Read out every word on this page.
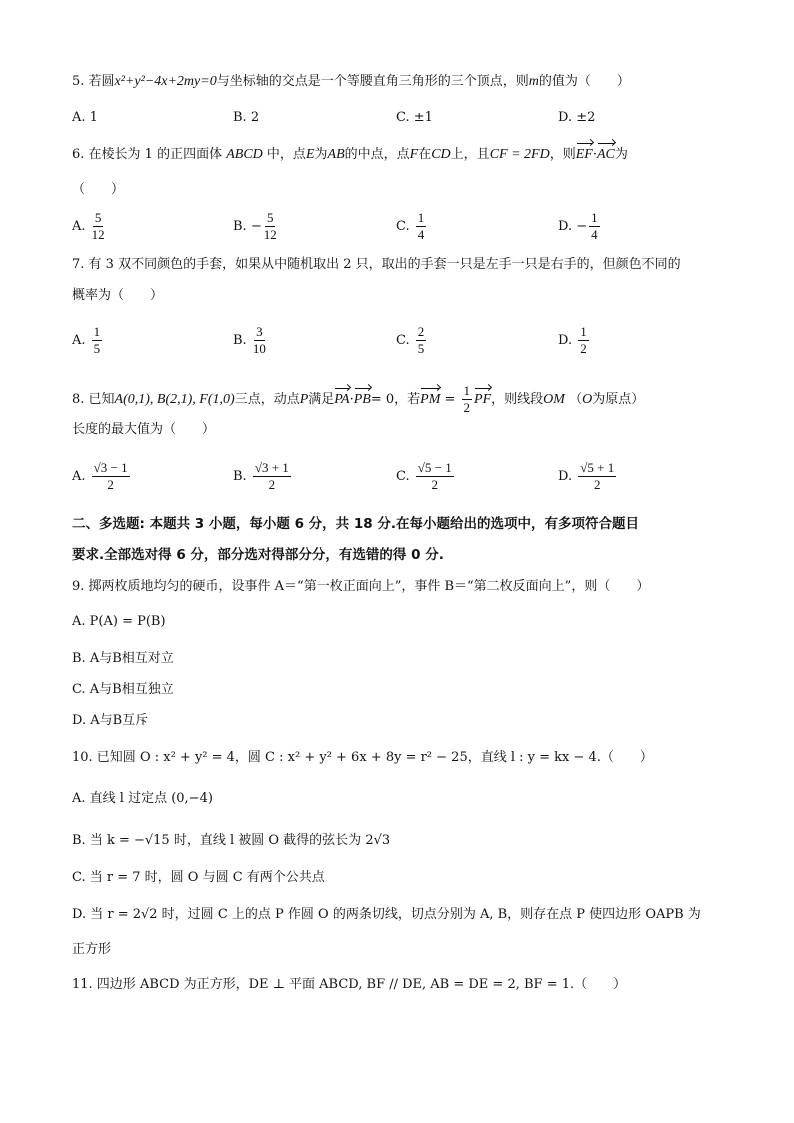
5. 若圆x²+y²−4x+2my=0与坐标轴的交点是一个等腰直角三角形的三个顶点，则m的值为（　　）
A. 1	B. 2	C. ±1	D. ±2
6. 在棱长为 1 的正四面体 ABCD 中，点E为AB的中点，点F在CD上，且CF = 2FD，则EF·AC为
（　　）
A. $\frac{5}{12}$	B. − $\frac{5}{12}$	C. $\frac{1}{4}$	D. − $\frac{1}{4}$
7. 有 3 双不同颜色的手套，如果从中随机取出 2 只，取出的手套一只是左手一只是右手的，但颜色不同的
概率为（　　）
A. $\frac{1}{5}$	B. $\frac{3}{10}$	C. $\frac{2}{5}$	D. $\frac{1}{2}$
8. 已知A(0,1), B(2,1), F(1,0)三点，动点P满足PA·PB= 0，若PM = $\frac{1}{2}$ PF，则线段OM （O为原点）
长度的最大值为（　　）
A. $\frac{√3 - 1}{2}$	B. $\frac{√3 + 1}{2}$	C. $\frac{√5 - 1}{2}$	D. $\frac{√5 + 1}{2}$
二、多选题: 本题共 3 小题，每小题 6 分，共 18 分.在每小题给出的选项中，有多项符合题目
要求.全部选对得 6 分，部分选对得部分分，有选错的得 0 分.
9. 掷两枚质地均匀的硬币，设事件 A＝“第一枚正面向上”，事件 B＝“第二枚反面向上”，则（　　）
A. P(A) = P(B)
B. A与B相互对立
C. A与B相互独立
D. A与B互斥
10. 已知圆 O : x² + y² = 4，圆 C : x² + y² + 6x + 8y = r² − 25，直线 l : y = kx − 4.（　　）
A. 直线 l 过定点 (0,−4)
B. 当 k = −√15 时，直线 l 被圆 O 截得的弦长为 2√3
C. 当 r = 7 时，圆 O 与圆 C 有两个公共点
D. 当 r = 2√2 时，过圆 C 上的点 P 作圆 O 的两条切线，切点分别为 A, B，则存在点 P 使四边形 OAPB 为
正方形
11. 四边形 ABCD 为正方形，DE ⊥ 平面 ABCD, BF // DE, AB = DE = 2, BF = 1.（　　）
